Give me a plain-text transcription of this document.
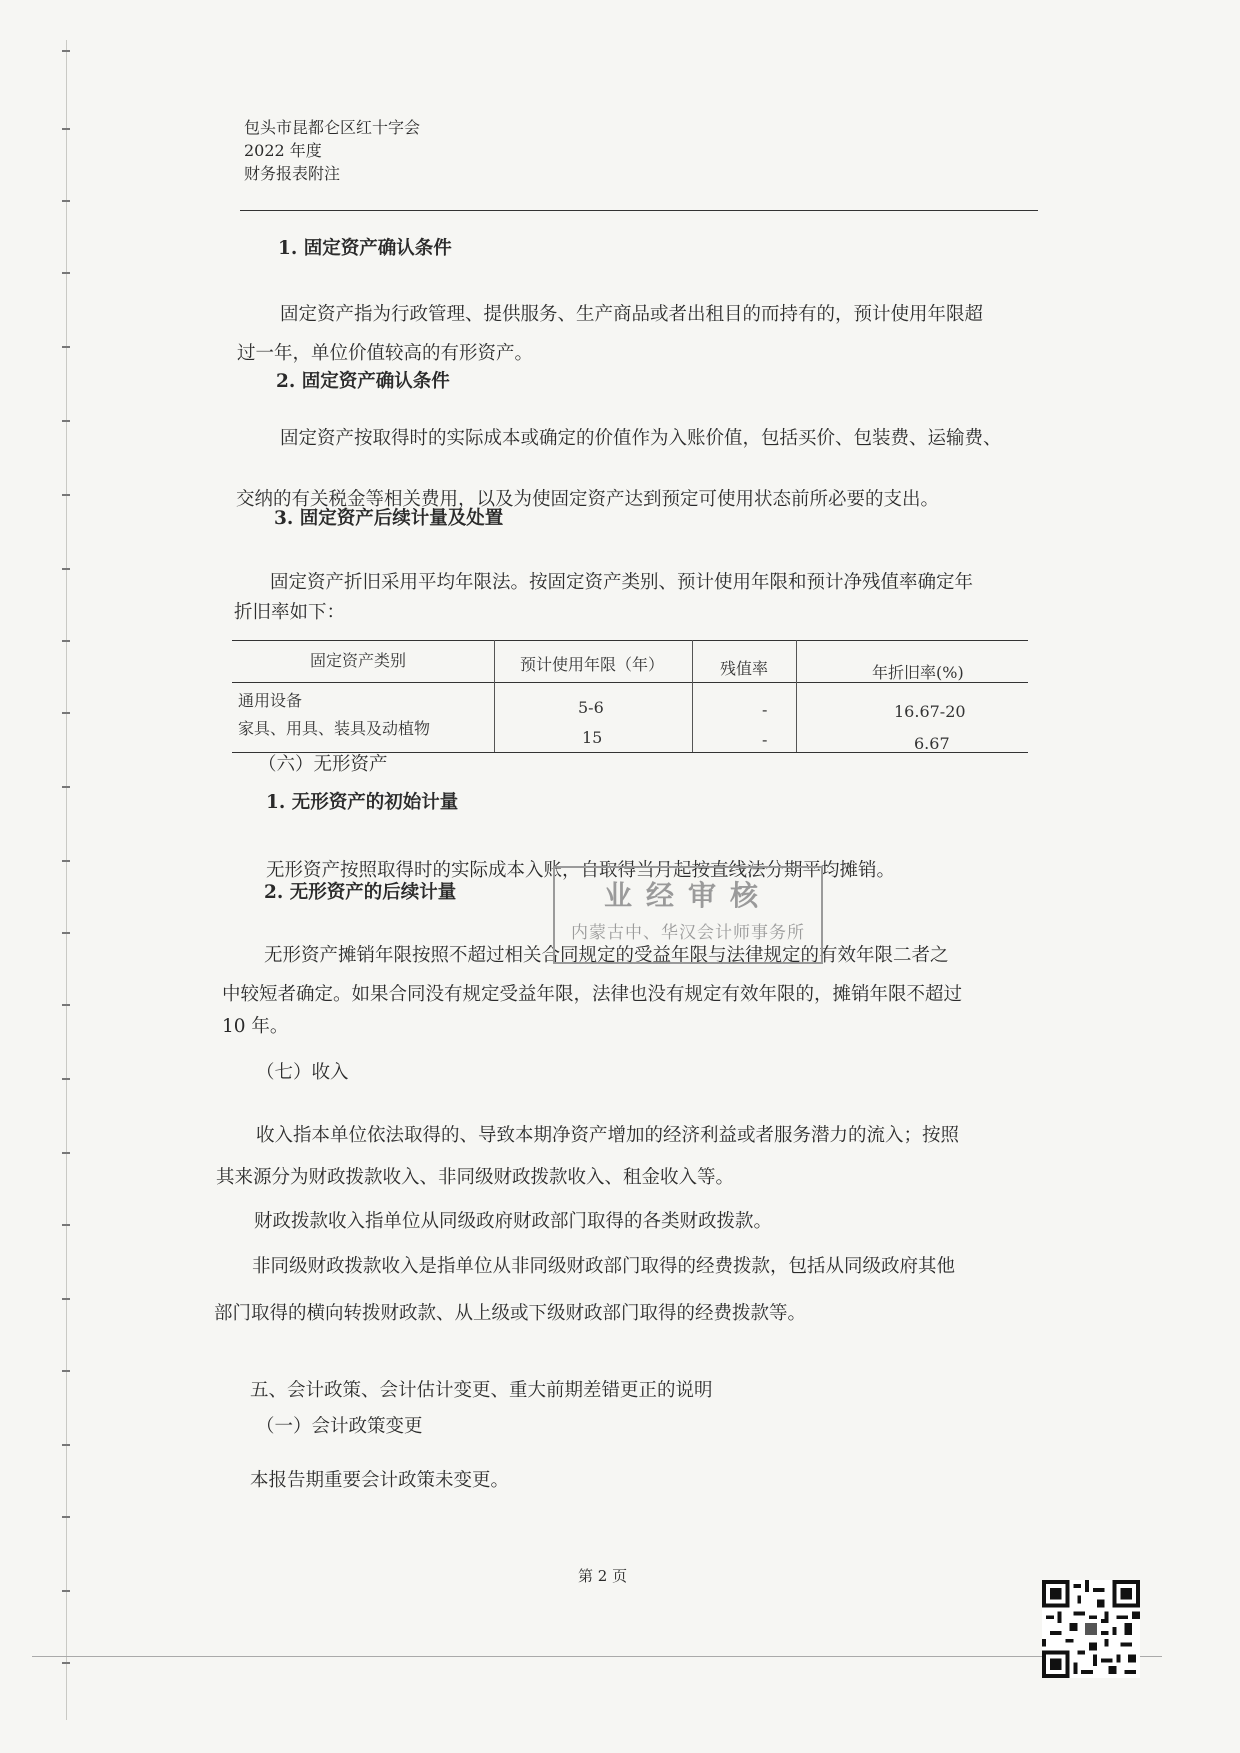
包头市昆都仑区红十字会
2022 年度
财务报表附注
1. 固定资产确认条件
固定资产指为行政管理、提供服务、生产商品或者出租目的而持有的，预计使用年限超
过一年，单位价值较高的有形资产。
2. 固定资产确认条件
固定资产按取得时的实际成本或确定的价值作为入账价值，包括买价、包装费、运输费、
交纳的有关税金等相关费用，以及为使固定资产达到预定可使用状态前所必要的支出。
3. 固定资产后续计量及处置
固定资产折旧采用平均年限法。按固定资产类别、预计使用年限和预计净残值率确定年
折旧率如下：
固定资产类别	预计使用年限（年）	残值率	年折旧率(%)
通用设备	5-6	-	16.67-20
家具、用具、装具及动植物	15	-	6.67
（六）无形资产
1. 无形资产的初始计量
无形资产按照取得时的实际成本入账，自取得当月起按直线法分期平均摊销。
2. 无形资产的后续计量
无形资产摊销年限按照不超过相关合同规定的受益年限与法律规定的有效年限二者之
中较短者确定。如果合同没有规定受益年限，法律也没有规定有效年限的，摊销年限不超过
10 年。
业经审核
内蒙古中、华汉会计师事务所
（七）收入
收入指本单位依法取得的、导致本期净资产增加的经济利益或者服务潜力的流入；按照
其来源分为财政拨款收入、非同级财政拨款收入、租金收入等。
财政拨款收入指单位从同级政府财政部门取得的各类财政拨款。
非同级财政拨款收入是指单位从非同级财政部门取得的经费拨款，包括从同级政府其他
部门取得的横向转拨财政款、从上级或下级财政部门取得的经费拨款等。
五、会计政策、会计估计变更、重大前期差错更正的说明
（一）会计政策变更
本报告期重要会计政策未变更。
第 2 页
